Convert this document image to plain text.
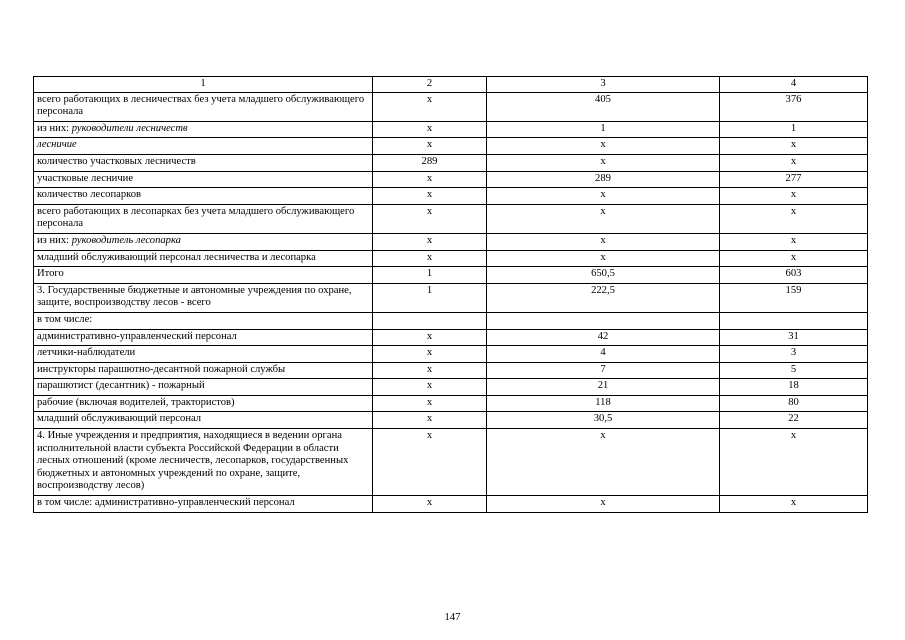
1	2	3	4
всего работающих в лесничествах без учета младшего обслуживающего персонала	x	405	376
из них: руководители лесничеств	x	1	1
лесничие	x	x	x
количество участковых лесничеств	289	x	x
участковые лесничие	x	289	277
количество лесопарков	x	x	x
всего работающих в лесопарках без учета младшего обслуживающего персонала	x	x	x
из них: руководитель лесопарка	x	x	x
младший обслуживающий персонал лесничества и лесопарка	x	x	x
Итого	1	650,5	603
3. Государственные бюджетные и автономные учреждения по охране, защите, воспроизводству лесов - всего	1	222,5	159
в том числе:			
административно-управленческий персонал	x	42	31
летчики-наблюдатели	x	4	3
инструкторы парашютно-десантной пожарной службы	x	7	5
парашютист (десантник) - пожарный	x	21	18
рабочие (включая водителей, трактористов)	x	118	80
младший обслуживающий персонал	x	30,5	22
4. Иные учреждения и предприятия, находящиеся в ведении органа исполнительной власти субъекта Российской Федерации в области лесных отношений (кроме лесничеств, лесопарков, государственных бюджетных и автономных учреждений по охране, защите, воспроизводству лесов)	x	x	x
в том числе: административно-управленческий персонал	x	x	x
147
